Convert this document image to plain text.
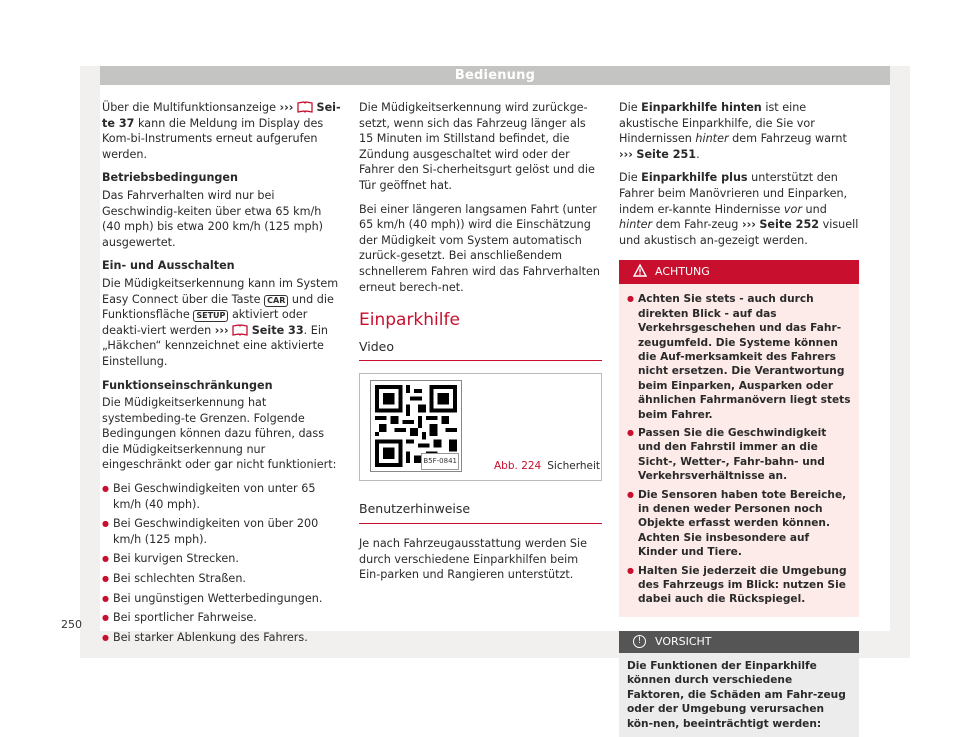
Bedienung
250

Über die Multifunktionsanzeige ››› Sei-te 37 kann die Meldung im Display des Kom-bi-Instruments erneut aufgerufen werden.

Betriebsbedingungen

Das Fahrverhalten wird nur bei Geschwindig-keiten über etwa 65 km/h (40 mph) bis etwa 200 km/h (125 mph) ausgewertet.

Ein- und Ausschalten

Die Müdigkeitserkennung kann im System Easy Connect über die Taste CAR und die Funktionsfläche SETUP aktiviert oder deakti-viert werden ››› Seite 33. Ein „Häkchen“ kennzeichnet eine aktivierte Einstellung.

Funktionseinschränkungen

Die Müdigkeitserkennung hat systembeding-te Grenzen. Folgende Bedingungen können dazu führen, dass die Müdigkeitserkennung nur eingeschränkt oder gar nicht funktioniert:

● Bei Geschwindigkeiten von unter 65 km/h (40 mph).
● Bei Geschwindigkeiten von über 200 km/h (125 mph).
● Bei kurvigen Strecken.
● Bei schlechten Straßen.
● Bei ungünstigen Wetterbedingungen.
● Bei sportlicher Fahrweise.
● Bei starker Ablenkung des Fahrers.

Die Müdigkeitserkennung wird zurückge-setzt, wenn sich das Fahrzeug länger als 15 Minuten im Stillstand befindet, die Zündung ausgeschaltet wird oder der Fahrer den Si-cherheitsgurt gelöst und die Tür geöffnet hat.

Bei einer längeren langsamen Fahrt (unter 65 km/h (40 mph)) wird die Einschätzung der Müdigkeit vom System automatisch zurück-gesetzt. Bei anschließendem schnellerem Fahren wird das Fahrverhalten erneut berech-net.

Einparkhilfe
Video
B5F-0841	Abb. 224 Sicherheit
Benutzerhinweise

Je nach Fahrzeugausstattung werden Sie durch verschiedene Einparkhilfen beim Ein-parken und Rangieren unterstützt.

Die Einparkhilfe hinten ist eine akustische Einparkhilfe, die Sie vor Hindernissen hinter dem Fahrzeug warnt ››› Seite 251.

Die Einparkhilfe plus unterstützt den Fahrer beim Manövrieren und Einparken, indem er-kannte Hindernisse vor und hinter dem Fahr-zeug ››› Seite 252 visuell und akustisch an-gezeigt werden.

ACHTUNG
● Achten Sie stets - auch durch direkten Blick - auf das Verkehrsgeschehen und das Fahr-zeugumfeld. Die Systeme können die Auf-merksamkeit des Fahrers nicht ersetzen. Die Verantwortung beim Einparken, Ausparken oder ähnlichen Fahrmanövern liegt stets beim Fahrer.
● Passen Sie die Geschwindigkeit und den Fahrstil immer an die Sicht-, Wetter-, Fahr-bahn- und Verkehrsverhältnisse an.
● Die Sensoren haben tote Bereiche, in denen weder Personen noch Objekte erfasst werden können. Achten Sie insbesondere auf Kinder und Tiere.
● Halten Sie jederzeit die Umgebung des Fahrzeugs im Blick: nutzen Sie dabei auch die Rückspiegel.
!	VORSICHT
Die Funktionen der Einparkhilfe können durch verschiedene Faktoren, die Schäden am Fahr-zeug oder der Umgebung verursachen kön-nen, beeinträchtigt werden:
